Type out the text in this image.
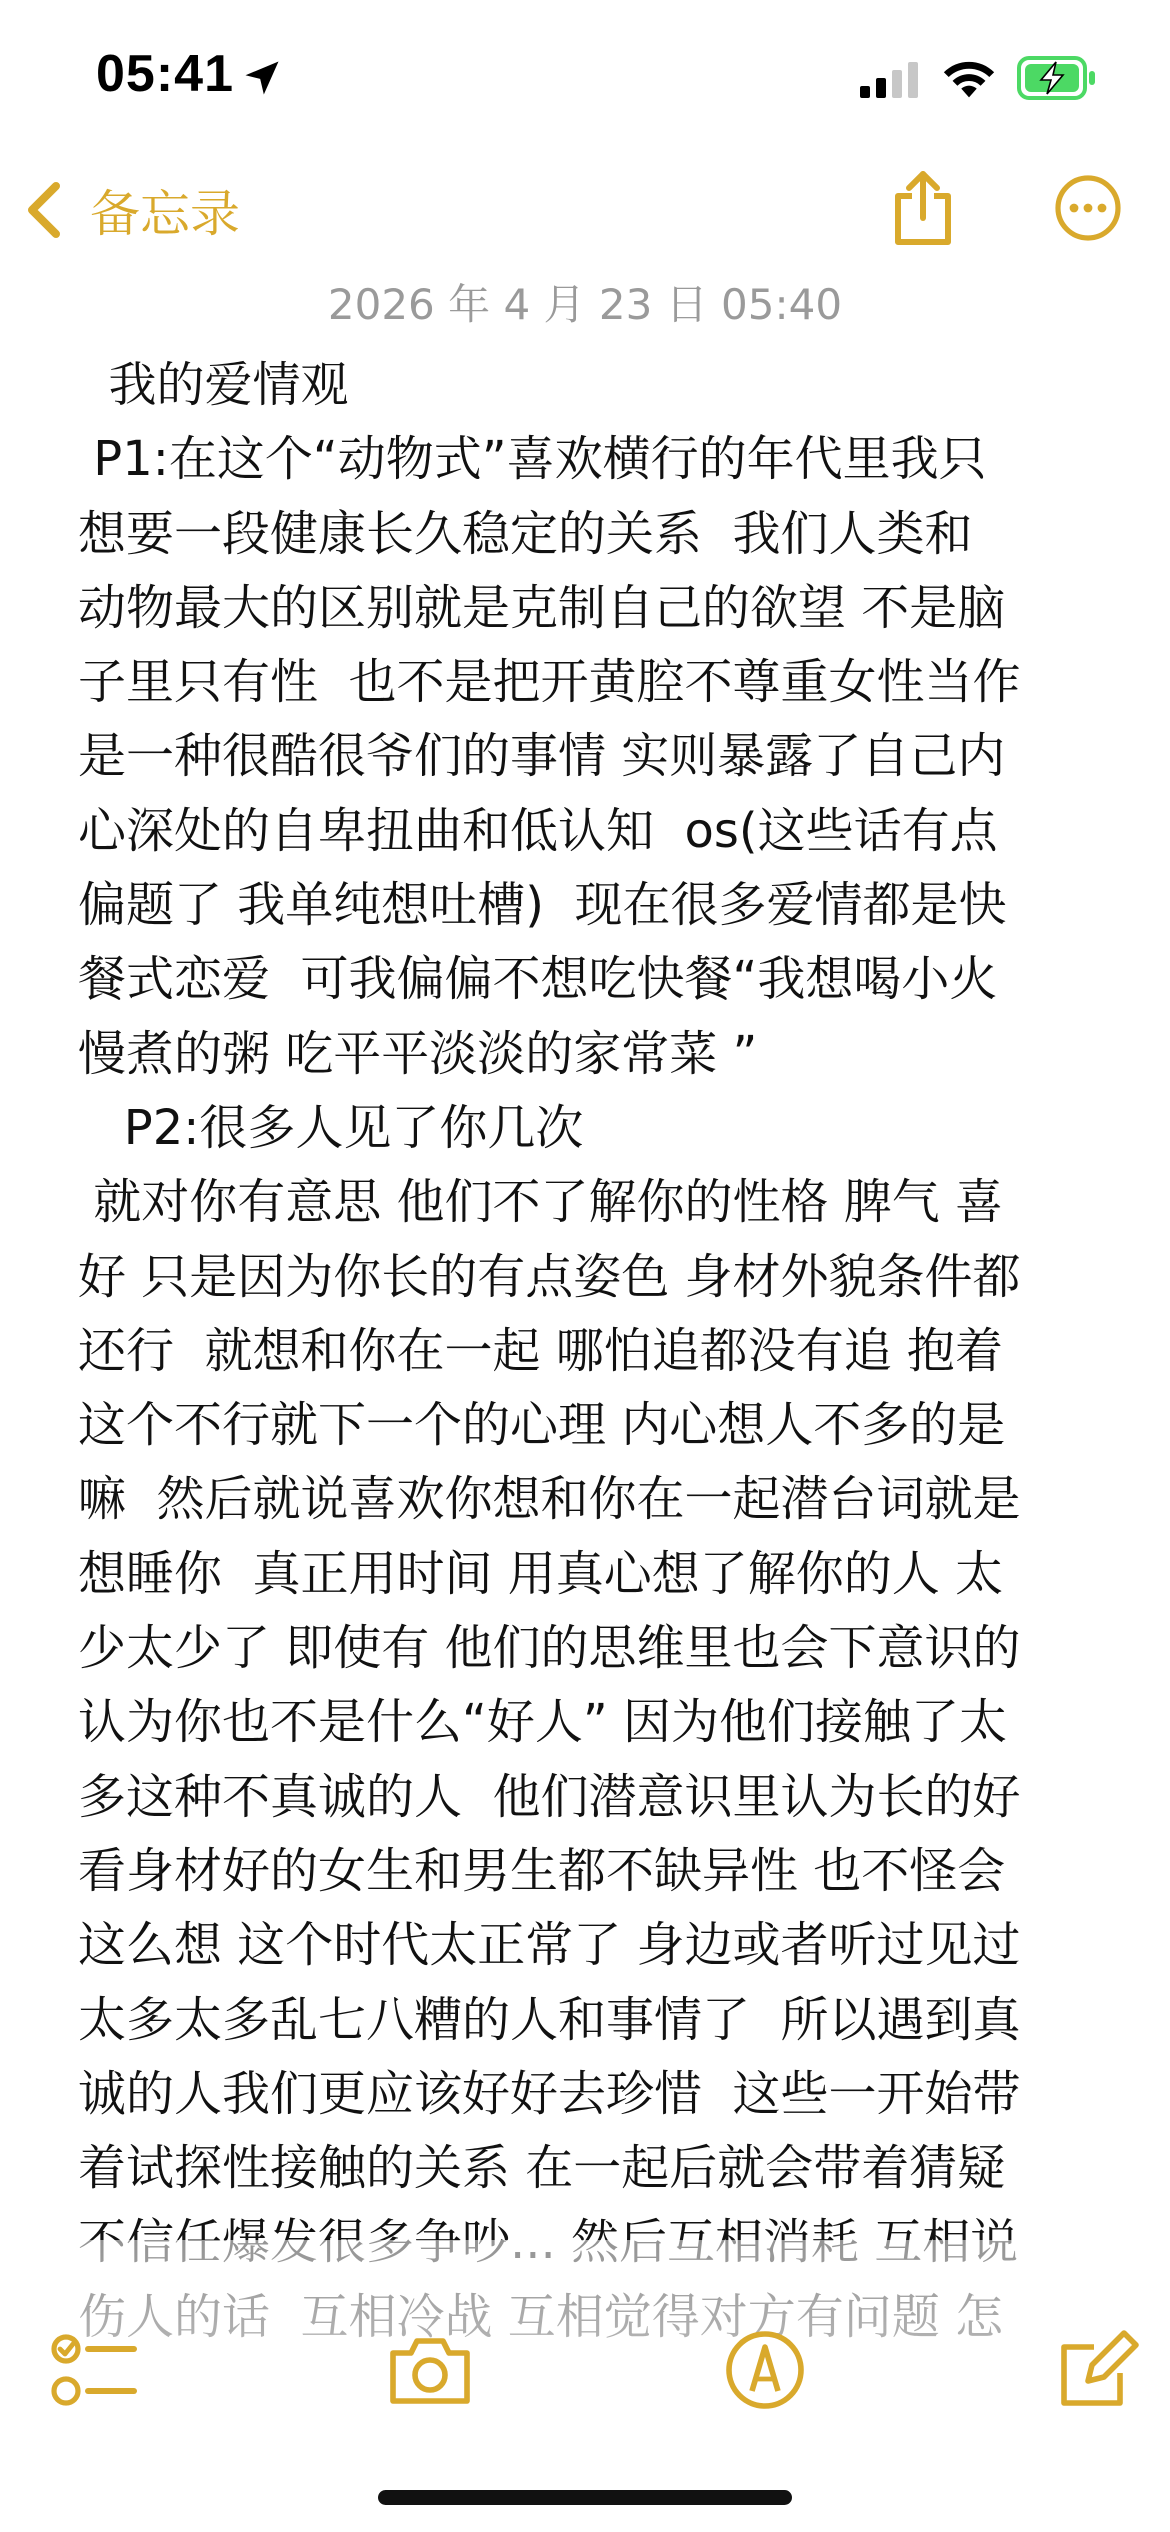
05:41
备忘录
2026 年 4 月 23 日 05:40
我的爱情观
P1:在这个“动物式”喜欢横行的年代里我只
想要一段健康长久稳定的关系  我们人类和
动物最大的区别就是克制自己的欲望 不是脑
子里只有性  也不是把开黄腔不尊重女性当作
是一种很酷很爷们的事情 实则暴露了自己内
心深处的自卑扭曲和低认知  os(这些话有点
偏题了 我单纯想吐槽)  现在很多爱情都是快
餐式恋爱  可我偏偏不想吃快餐“我想喝小火
慢煮的粥 吃平平淡淡的家常菜 ”
P2:很多人见了你几次
就对你有意思 他们不了解你的性格 脾气 喜
好 只是因为你长的有点姿色 身材外貌条件都
还行  就想和你在一起 哪怕追都没有追 抱着
这个不行就下一个的心理 内心想人不多的是
嘛  然后就说喜欢你想和你在一起潜台词就是
想睡你  真正用时间 用真心想了解你的人 太
少太少了 即使有 他们的思维里也会下意识的
认为你也不是什么“好人” 因为他们接触了太
多这种不真诚的人  他们潜意识里认为长的好
看身材好的女生和男生都不缺异性 也不怪会
这么想 这个时代太正常了 身边或者听过见过
太多太多乱七八糟的人和事情了  所以遇到真
诚的人我们更应该好好去珍惜  这些一开始带
着试探性接触的关系 在一起后就会带着猜疑
